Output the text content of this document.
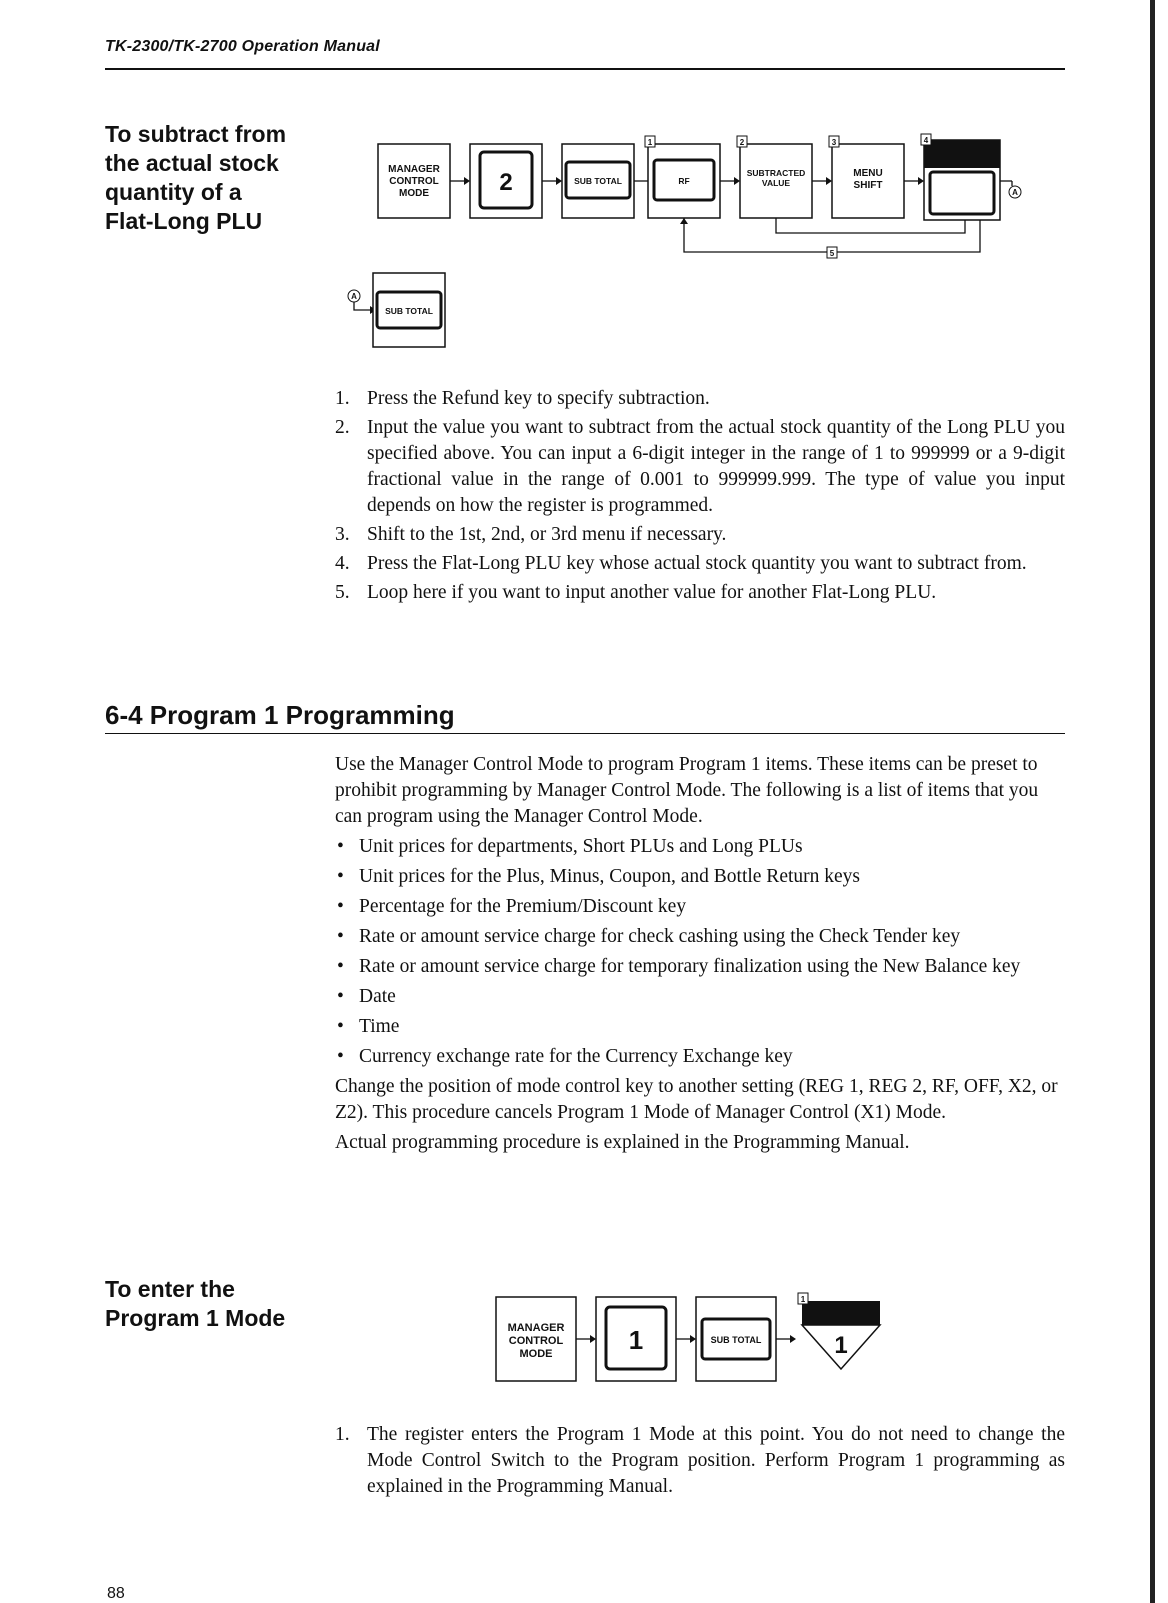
TK-2300/TK-2700 Operation Manual
To subtract from
the actual stock
quantity of a
Flat-Long PLU
MANAGER
CONTROL
MODE	2	SUB TOTAL	RF
1
SUBTRACTED
VALUE
2
MENU
SHIFT
3	4
A
5
A
SUB TOTAL
1. Press the Refund key to specify subtraction.
2. Input the value you want to subtract from the actual stock quantity of the Long PLU you specified above. You can input a 6-digit integer in the range of 1 to 999999 or a 9-digit fractional value in the range of 0.001 to 999999.999. The type of value you input depends on how the register is programmed.
3. Shift to the 1st, 2nd, or 3rd menu if necessary.
4. Press the Flat-Long PLU key whose actual stock quantity you want to subtract from.
5. Loop here if you want to input another value for another Flat-Long PLU.
6-4 Program 1 Programming

Use the Manager Control Mode to program Program 1 items. These items can be preset to prohibit programming by Manager Control Mode. The following is a list of items that you can program using the Manager Control Mode.

• Unit prices for departments, Short PLUs and Long PLUs
• Unit prices for the Plus, Minus, Coupon, and Bottle Return keys
• Percentage for the Premium/Discount key
• Rate or amount service charge for check cashing using the Check Tender key
• Rate or amount service charge for temporary finalization using the New Balance key
• Date
• Time
• Currency exchange rate for the Currency Exchange key

Change the position of mode control key to another setting (REG 1, REG 2, RF, OFF, X2, or Z2). This procedure cancels Program 1 Mode of Manager Control (X1) Mode.

Actual programming procedure is explained in the Programming Manual.

To enter the
Program 1 Mode	MANAGER
CONTROL
MODE	1	SUB TOTAL	1
1
1. The register enters the Program 1 Mode at this point. You do not need to change the Mode Control Switch to the Program position. Perform Program 1 programming as explained in the Programming Manual.
88
